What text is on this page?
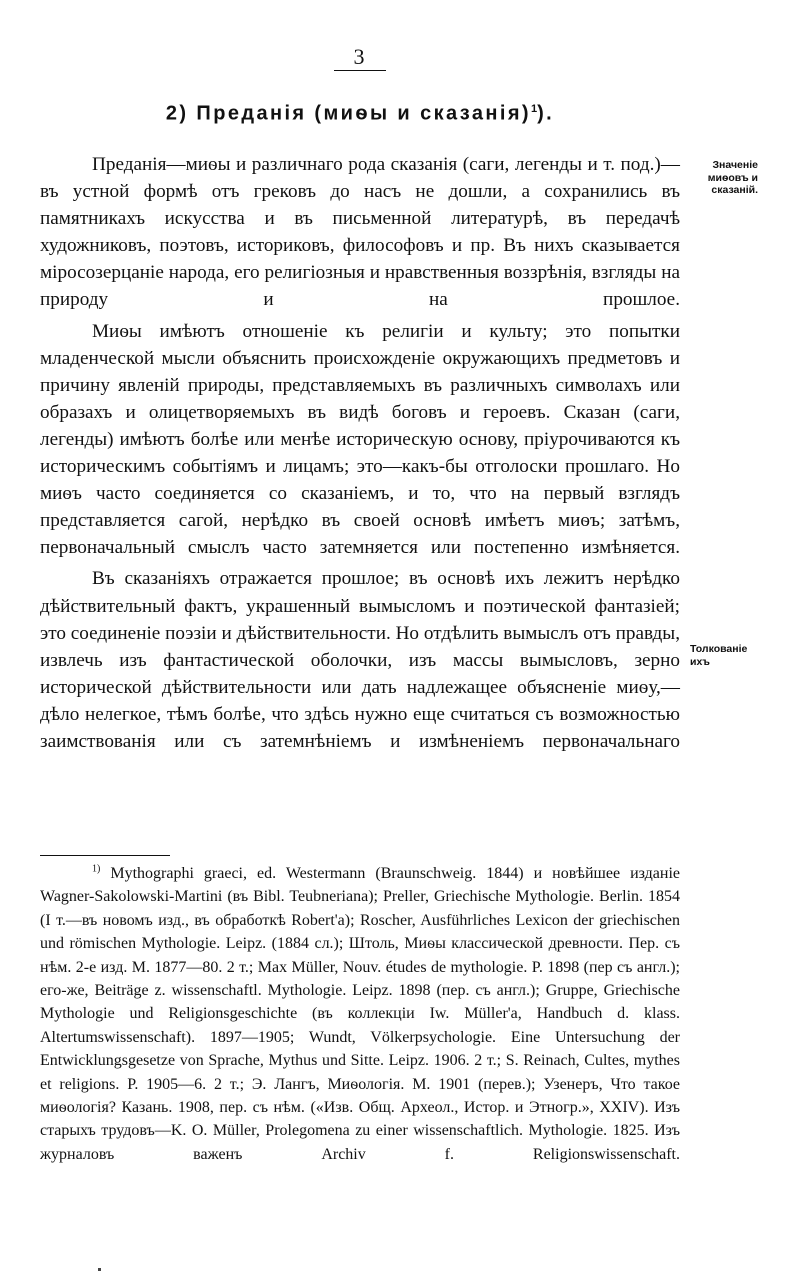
3
2) Преданія (миѳы и сказанія)$^1$).
Значеніе миѳовъ и сказаній.
Толкованіе ихъ

Преданія—миѳы и различнаго рода сказанія (саги, легенды и т. под.)—въ устной формѣ отъ грековъ до насъ не дошли, а сохранились въ памятникахъ искусства и въ письменной литературѣ, въ передачѣ художниковъ, поэтовъ, историковъ, философовъ и пр. Въ нихъ сказывается міросозерцаніе народа, его религіозныя и нравственныя воззрѣнія, взгляды на природу и на прошлое.

Миѳы имѣютъ отношеніе къ религіи и культу; это попытки младенческой мысли объяснить происхожденіе окружающихъ предметовъ и причину явленій природы, представляемыхъ въ различныхъ символахъ или образахъ и олицетворяемыхъ въ видѣ боговъ и героевъ. Сказан (саги, легенды) имѣютъ болѣе или менѣе историческую основу, пріурочиваются къ историческимъ событіямъ и лицамъ; это—какъ-бы отголоски прошлаго. Но миѳъ часто соединяется со сказаніемъ, и то, что на первый взглядъ представляется сагой, нерѣдко въ своей основѣ имѣетъ миѳъ; затѣмъ, первоначальный смыслъ часто затемняется или постепенно измѣняется.

Въ сказаніяхъ отражается прошлое; въ основѣ ихъ лежитъ нерѣдко дѣйствительный фактъ, украшенный вымысломъ и поэтической фантазіей; это соединеніе поэзіи и дѣйствительности. Но отдѣлить вымыслъ отъ правды, извлечь изъ фантастической оболочки, изъ массы вымысловъ, зерно исторической дѣйствительности или дать надлежащее объясненіе миѳу,—дѣло нелегкое, тѣмъ болѣе, что здѣсь нужно еще считаться съ возможностью заимствованія или съ затемнѣніемъ и измѣненіемъ первоначальнаго

$^{1)}$ Mythographi graeci, ed. Westermann (Braunschweig. 1844) и новѣйшее изданіе Wagner-Sakolowski-Martini (въ Bibl. Teubneriana); Preller, Griechische Mythologie. Berlin. 1854 (I т.—въ новомъ изд., въ обработкѣ Robert'a); Roscher, Ausführliches Lexicon der griechischen und römischen Mythologie. Leipz. (1884 сл.); Штоль, Миѳы классической древности. Пер. съ нѣм. 2-е изд. М. 1877—80. 2 т.; Max Müller, Nouv. études de mythologie. P. 1898 (пер съ англ.); его-же, Beiträge z. wissenschaftl. Mythologie. Leipz. 1898 (пер. съ англ.); Gruppe, Griechische Mythologie und Religionsgeschichte (въ коллекціи Iw. Müller'a, Handbuch d. klass. Altertumswissenschaft). 1897—1905; Wundt, Völkerpsychologie. Eine Untersuchung der Entwicklungsgesetze von Sprache, Mythus und Sitte. Leipz. 1906. 2 т.; S. Reinach, Cultes, mythes et religions. P. 1905—6. 2 т.; Э. Лангъ, Миѳологія. М. 1901 (перев.); Узенеръ, Что такое миѳологія? Казань. 1908, пер. съ нѣм. («Изв. Общ. Археол., Истор. и Этногр.», XXIV). Изъ старыхъ трудовъ—K. O. Müller, Prolegomena zu einer wissenschaftlich. Mythologie. 1825. Изъ журналовъ важенъ Archiv f. Religionswissenschaft.
